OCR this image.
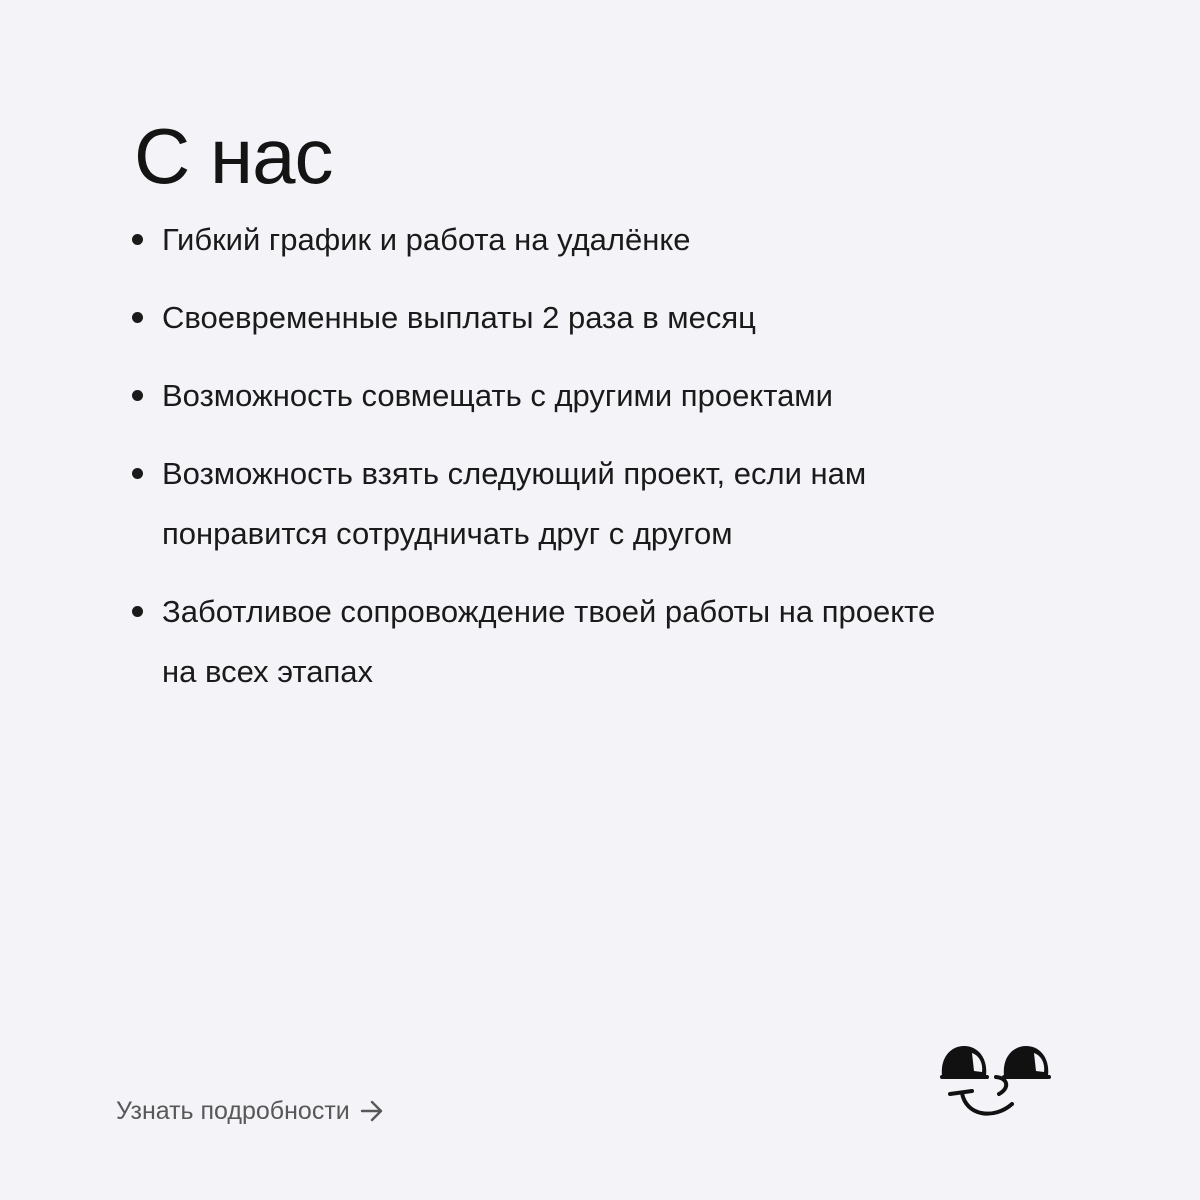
С нас
Гибкий график и работа на удалёнке
Своевременные выплаты 2 раза в месяц
Возможность совмещать с другими проектами
Возможность взять следующий проект, если нам
понравится сотрудничать друг с другом
Заботливое сопровождение твоей работы на проекте
на всех этапах
Узнать подробности
